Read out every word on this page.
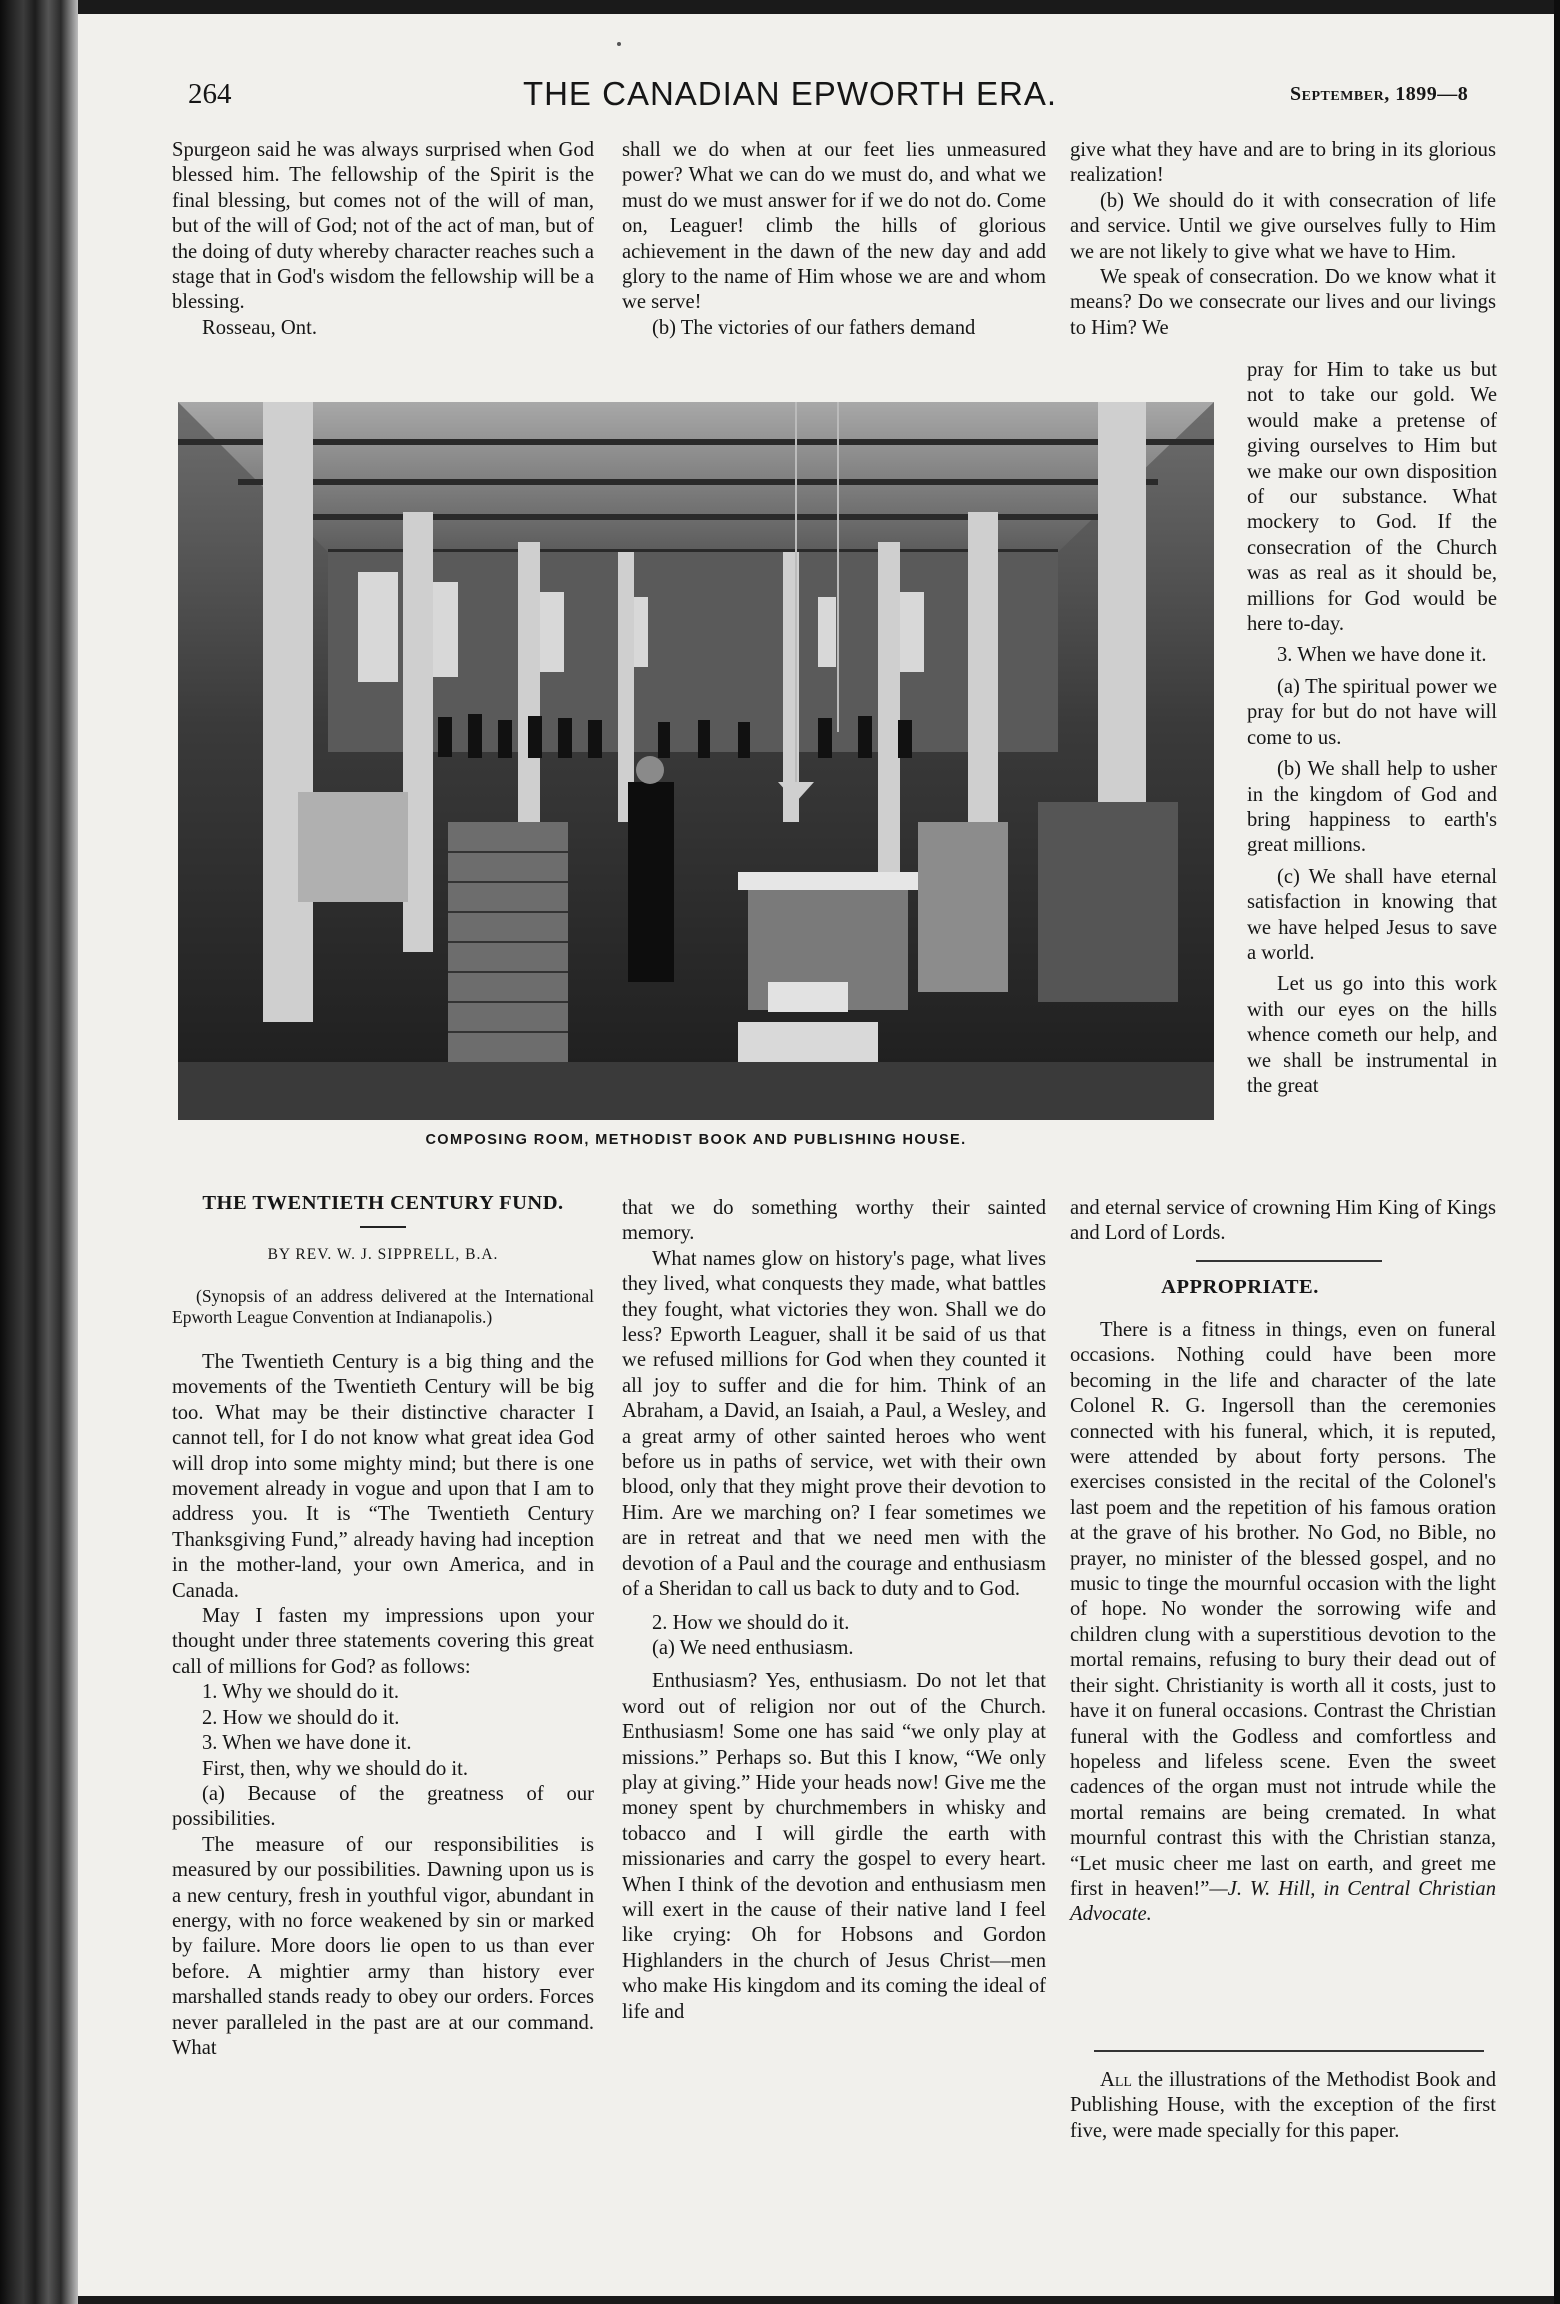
264	THE CANADIAN EPWORTH ERA.	September, 1899—8

Spurgeon said he was always surprised when God blessed him. The fellowship of the Spirit is the final blessing, but comes not of the will of man, but of the will of God; not of the act of man, but of the doing of duty whereby character reaches such a stage that in God's wisdom the fellowship will be a blessing.

Rosseau, Ont.

shall we do when at our feet lies unmeasured power? What we can do we must do, and what we must do we must answer for if we do not do. Come on, Leaguer! climb the hills of glorious achievement in the dawn of the new day and add glory to the name of Him whose we are and whom we serve!

(b) The victories of our fathers demand

give what they have and are to bring in its glorious realization!

(b) We should do it with consecration of life and service. Until we give ourselves fully to Him we are not likely to give what we have to Him.

We speak of consecration. Do we know what it means? Do we consecrate our lives and our livings to Him? We

COMPOSING ROOM, METHODIST BOOK AND PUBLISHING HOUSE.

pray for Him to take us but not to take our gold. We would make a pretense of giving ourselves to Him but we make our own disposition of our substance. What mockery to God. If the consecration of the Church was as real as it should be, millions for God would be here to-day.

3. When we have done it.

(a) The spiritual power we pray for but do not have will come to us.

(b) We shall help to usher in the kingdom of God and bring happiness to earth's great millions.

(c) We shall have eternal satisfaction in knowing that we have helped Jesus to save a world.

Let us go into this work with our eyes on the hills whence cometh our help, and we shall be instrumental in the great

and eternal service of crowning Him King of Kings and Lord of Lords.

THE TWENTIETH CENTURY FUND.
BY REV. W. J. SIPPRELL, B.A.

(Synopsis of an address delivered at the International Epworth League Convention at Indianapolis.)

The Twentieth Century is a big thing and the movements of the Twentieth Century will be big too. What may be their distinctive character I cannot tell, for I do not know what great idea God will drop into some mighty mind; but there is one movement already in vogue and upon that I am to address you. It is “The Twentieth Century Thanksgiving Fund,” already having had inception in the mother-land, your own America, and in Canada.

May I fasten my impressions upon your thought under three statements covering this great call of millions for God? as follows:

1. Why we should do it.

2. How we should do it.

3. When we have done it.

First, then, why we should do it.

(a) Because of the greatness of our possibilities.

The measure of our responsibilities is measured by our possibilities. Dawning upon us is a new century, fresh in youthful vigor, abundant in energy, with no force weakened by sin or marked by failure. More doors lie open to us than ever before. A mightier army than history ever marshalled stands ready to obey our orders. Forces never paralleled in the past are at our command. What

that we do something worthy their sainted memory.

What names glow on history's page, what lives they lived, what conquests they made, what battles they fought, what victories they won. Shall we do less? Epworth Leaguer, shall it be said of us that we refused millions for God when they counted it all joy to suffer and die for him. Think of an Abraham, a David, an Isaiah, a Paul, a Wesley, and a great army of other sainted heroes who went before us in paths of service, wet with their own blood, only that they might prove their devotion to Him. Are we marching on? I fear sometimes we are in retreat and that we need men with the devotion of a Paul and the courage and enthusiasm of a Sheridan to call us back to duty and to God.

2. How we should do it.

(a) We need enthusiasm.

Enthusiasm? Yes, enthusiasm. Do not let that word out of religion nor out of the Church. Enthusiasm! Some one has said “we only play at missions.” Perhaps so. But this I know, “We only play at giving.” Hide your heads now! Give me the money spent by churchmembers in whisky and tobacco and I will girdle the earth with missionaries and carry the gospel to every heart. When I think of the devotion and enthusiasm men will exert in the cause of their native land I feel like crying: Oh for Hobsons and Gordon Highlanders in the church of Jesus Christ—men who make His kingdom and its coming the ideal of life and

APPROPRIATE.

There is a fitness in things, even on funeral occasions. Nothing could have been more becoming in the life and character of the late Colonel R. G. Ingersoll than the ceremonies connected with his funeral, which, it is reputed, were attended by about forty persons. The exercises consisted in the recital of the Colonel's last poem and the repetition of his famous oration at the grave of his brother. No God, no Bible, no prayer, no minister of the blessed gospel, and no music to tinge the mournful occasion with the light of hope. No wonder the sorrowing wife and children clung with a superstitious devotion to the mortal remains, refusing to bury their dead out of their sight. Christianity is worth all it costs, just to have it on funeral occasions. Contrast the Christian funeral with the Godless and comfortless and hopeless and lifeless scene. Even the sweet cadences of the organ must not intrude while the mortal remains are being cremated. In what mournful contrast this with the Christian stanza, “Let music cheer me last on earth, and greet me first in heaven!”—J. W. Hill, in Central Christian Advocate.

All the illustrations of the Methodist Book and Publishing House, with the exception of the first five, were made specially for this paper.
